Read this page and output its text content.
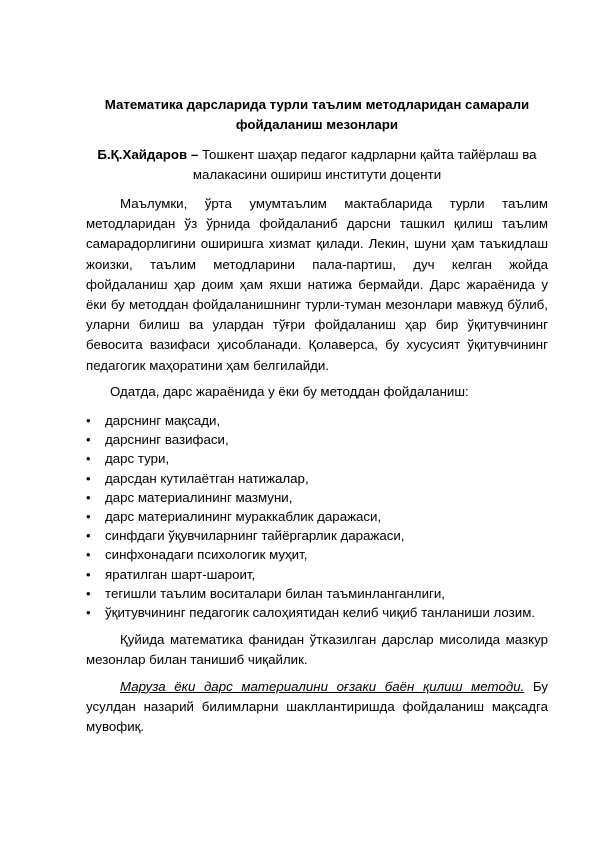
Математика дарсларида турли таълим методларидан самарали фойдаланиш мезонлари
Б.Қ.Хайдаров – Тошкент шаҳар педагог кадрларни қайта тайёрлаш ва малакасини ошириш институти доценти

Маълумки, ўрта умумтаълим мактабларида турли таълим методларидан ўз ўрнида фойдаланиб дарсни ташкил қилиш таълим самарадорлигини оширишга хизмат қилади. Лекин, шуни ҳам таъкидлаш жоизки, таълим методларини пала-партиш, дуч келган жойда фойдаланиш ҳар доим ҳам яхши натижа бермайди. Дарс жараёнида у ёки бу методдан фойдаланишнинг турли-туман мезонлари мавжуд бўлиб, уларни билиш ва улардан тўғри фойдаланиш ҳар бир ўқитувчининг бевосита вазифаси ҳисобланади. Қолаверса, бу хусусият ўқитувчининг педагогик маҳоратини ҳам белгилайди.

Одатда, дарс жараёнида у ёки бу методдан фойдаланиш:

• дарснинг мақсади,
• дарснинг вазифаси,
• дарс тури,
• дарсдан кутилаётган натижалар,
• дарс материалининг мазмуни,
• дарс материалининг мураккаблик даражаси,
• синфдаги ўқувчиларнинг тайёргарлик даражаси,
• синфхонадаги психологик муҳит,
• яратилган шарт-шароит,
• тегишли таълим воситалари билан таъминланганлиги,
• ўқитувчининг педагогик салоҳиятидан келиб чиқиб танланиши лозим.

Қуйида математика фанидан ўтказилган дарслар мисолида мазкур мезонлар билан танишиб чиқайлик.

Маруза ёки дарс материалини оғзаки баён қилиш методи. Бу усулдан назарий билимларни шакллантиришда фойдаланиш мақсадга мувофиқ.
